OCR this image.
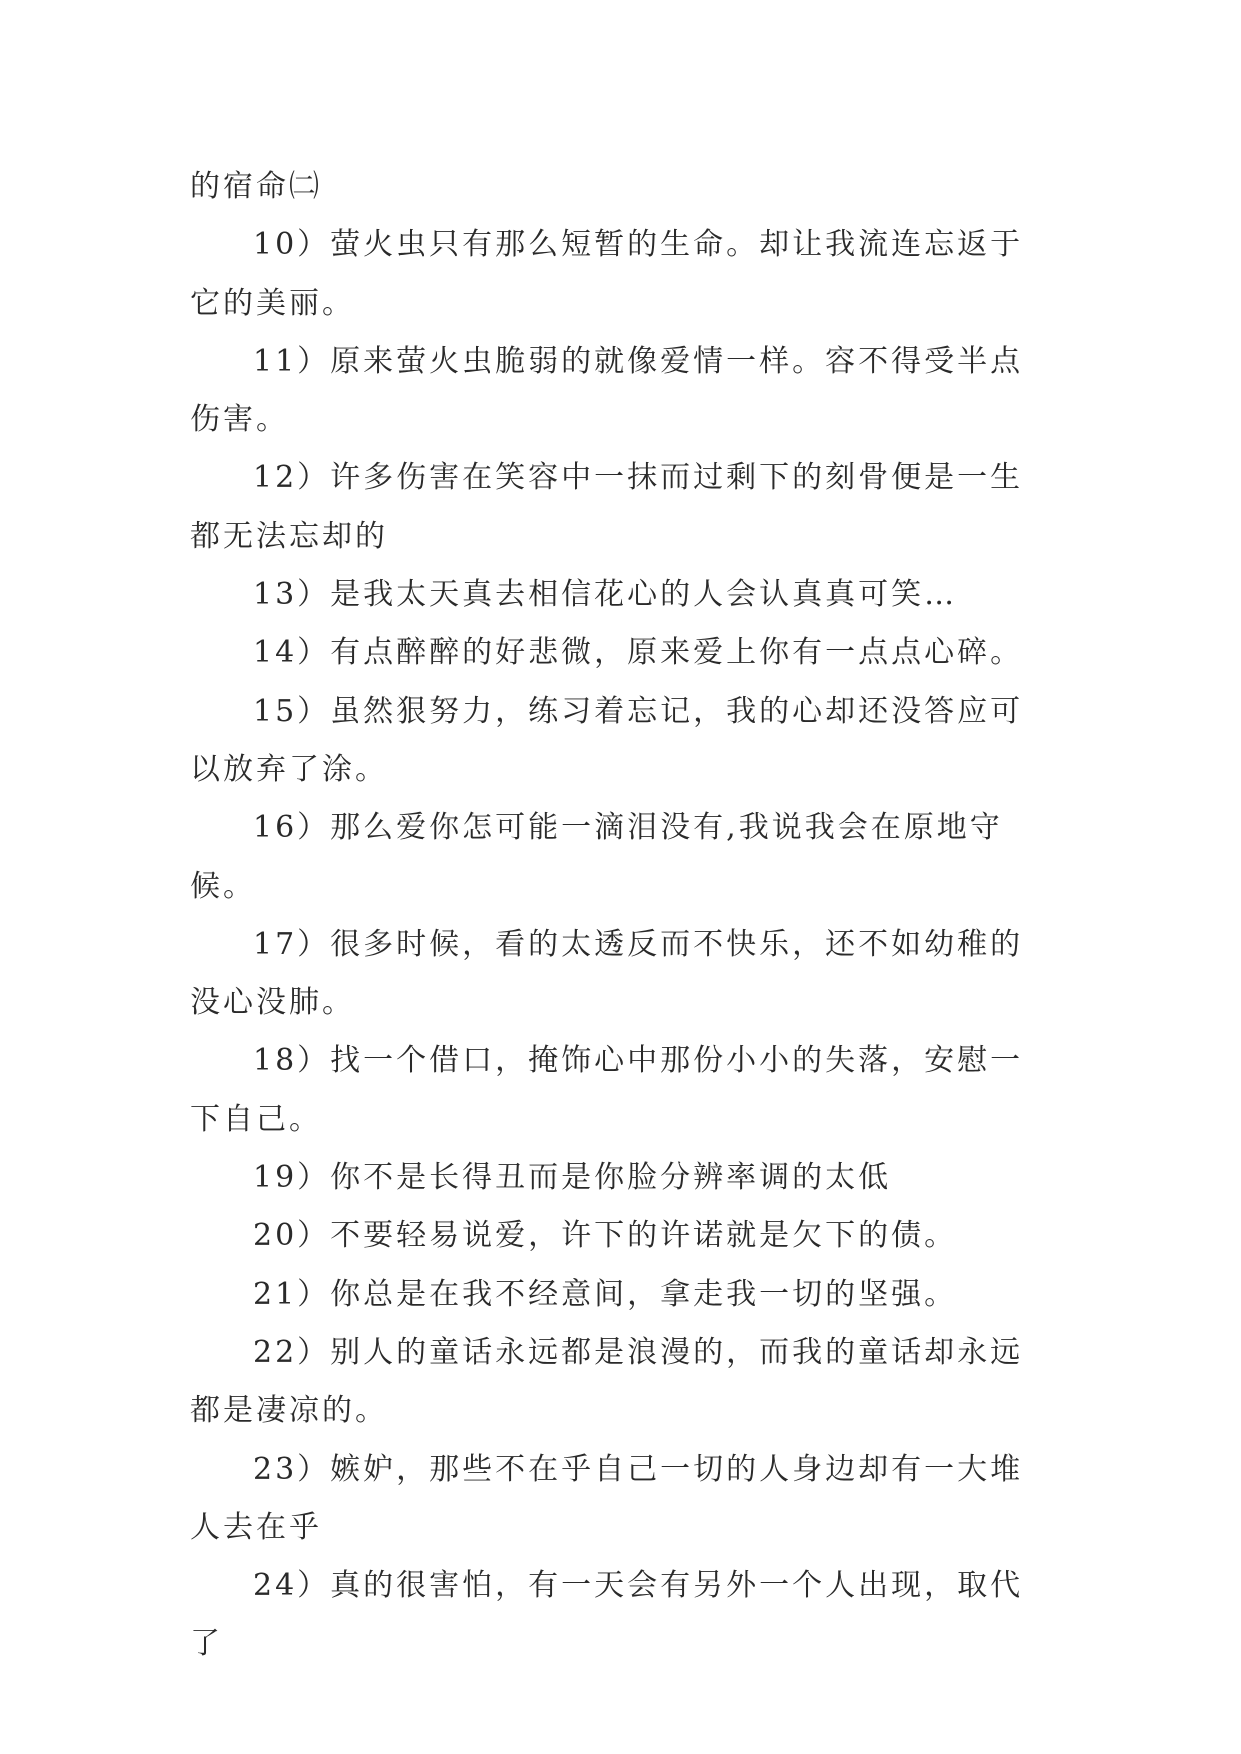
的宿命㈡

10）萤火虫只有那么短暂的生命。却让我流连忘返于它的美丽。

11）原来萤火虫脆弱的就像爱情一样。容不得受半点伤害。

12）许多伤害在笑容中一抹而过剩下的刻骨便是一生都无法忘却的

13）是我太天真去相信花心的人会认真真可笑…

14）有点醉醉的好悲微，原来爱上你有一点点心碎。

15）虽然狠努力，练习着忘记，我的心却还没答应可以放弃了涂。

16）那么爱你怎可能一滴泪没有,我说我会在原地守候。

17）很多时候，看的太透反而不快乐，还不如幼稚的没心没肺。

18）找一个借口，掩饰心中那份小小的失落，安慰一下自己。

19）你不是长得丑而是你脸分辨率调的太低

20）不要轻易说爱，许下的许诺就是欠下的债。

21）你总是在我不经意间，拿走我一切的坚强。

22）别人的童话永远都是浪漫的，而我的童话却永远都是凄凉的。

23）嫉妒，那些不在乎自己一切的人身边却有一大堆人去在乎

24）真的很害怕，有一天会有另外一个人出现，取代了
